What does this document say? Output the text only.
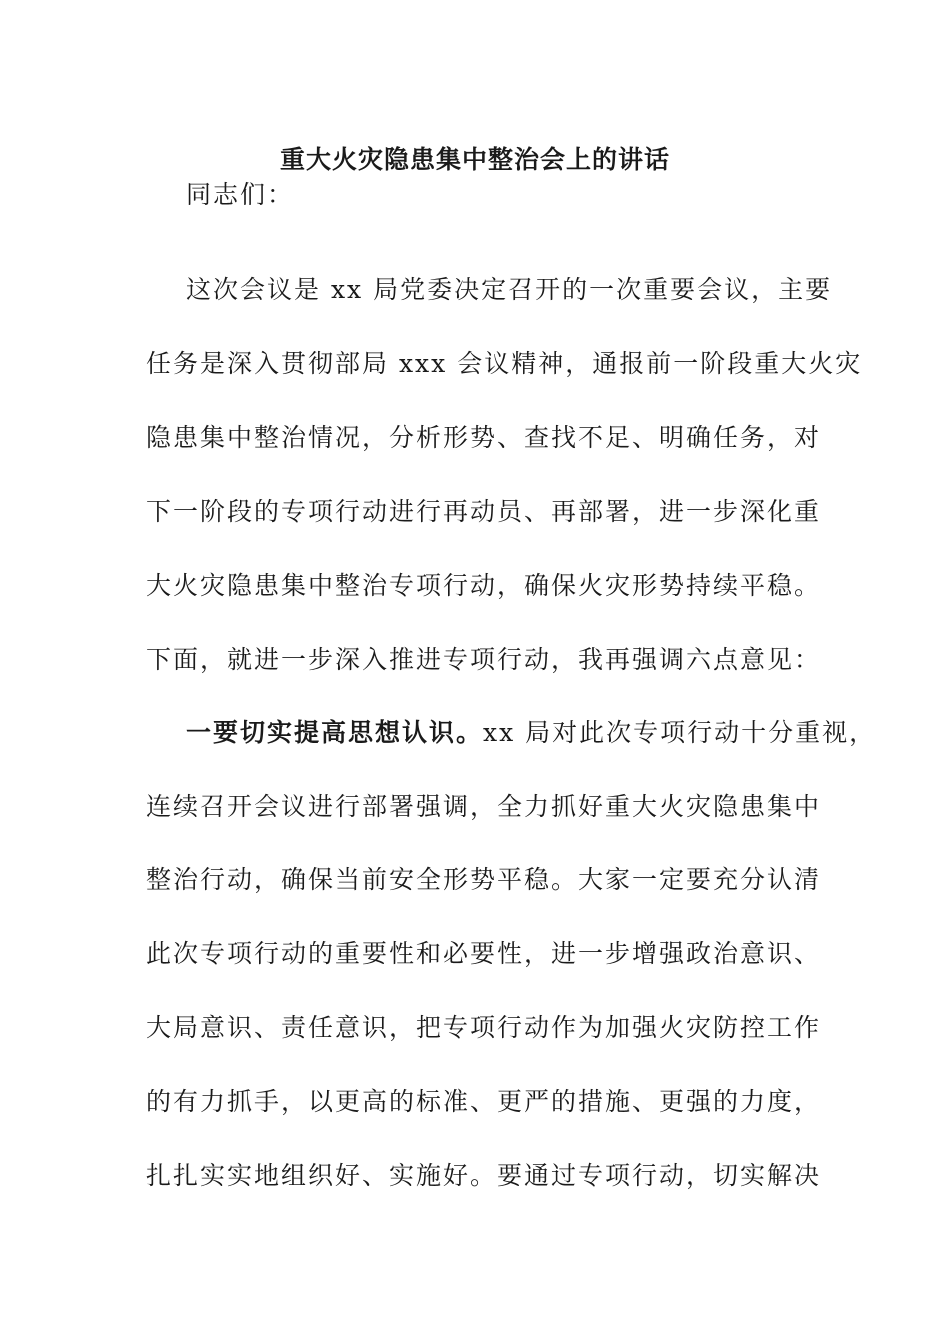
重大火灾隐患集中整治会上的讲话
同志们：
这次会议是 xx 局党委决定召开的一次重要会议，主要
任务是深入贯彻部局 xxx 会议精神，通报前一阶段重大火灾
隐患集中整治情况，分析形势、查找不足、明确任务，对
下一阶段的专项行动进行再动员、再部署，进一步深化重
大火灾隐患集中整治专项行动，确保火灾形势持续平稳。
下面，就进一步深入推进专项行动，我再强调六点意见：
一要切实提高思想认识。xx 局对此次专项行动十分重视，
连续召开会议进行部署强调，全力抓好重大火灾隐患集中
整治行动，确保当前安全形势平稳。大家一定要充分认清
此次专项行动的重要性和必要性，进一步增强政治意识、
大局意识、责任意识，把专项行动作为加强火灾防控工作
的有力抓手，以更高的标准、更严的措施、更强的力度，
扎扎实实地组织好、实施好。要通过专项行动，切实解决
